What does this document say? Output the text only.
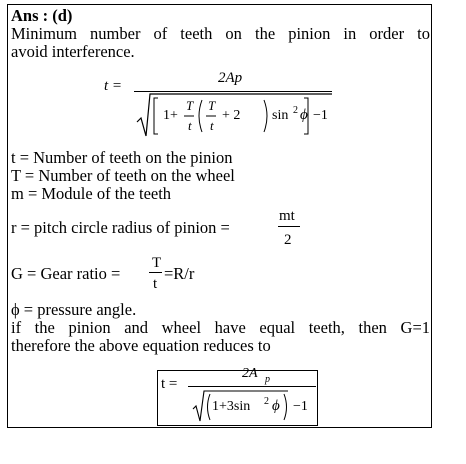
Ans : (d)
Minimum number of teeth on the pinion in order to
avoid interference.
t =	2Ap
1+
T
t
T
t
+ 2 sin 2 ϕ −1
t = Number of teeth on the pinion
T = Number of teeth on the wheel
m = Module of the teeth
r = pitch circle radius of pinion =
mt
2
G = Gear ratio =
T
t
=R/r
ϕ = pressure angle.
if the pinion and wheel have equal teeth, then G=1
therefore the above equation reduces to
t =
2A p
1+3sin 2 ϕ −1
